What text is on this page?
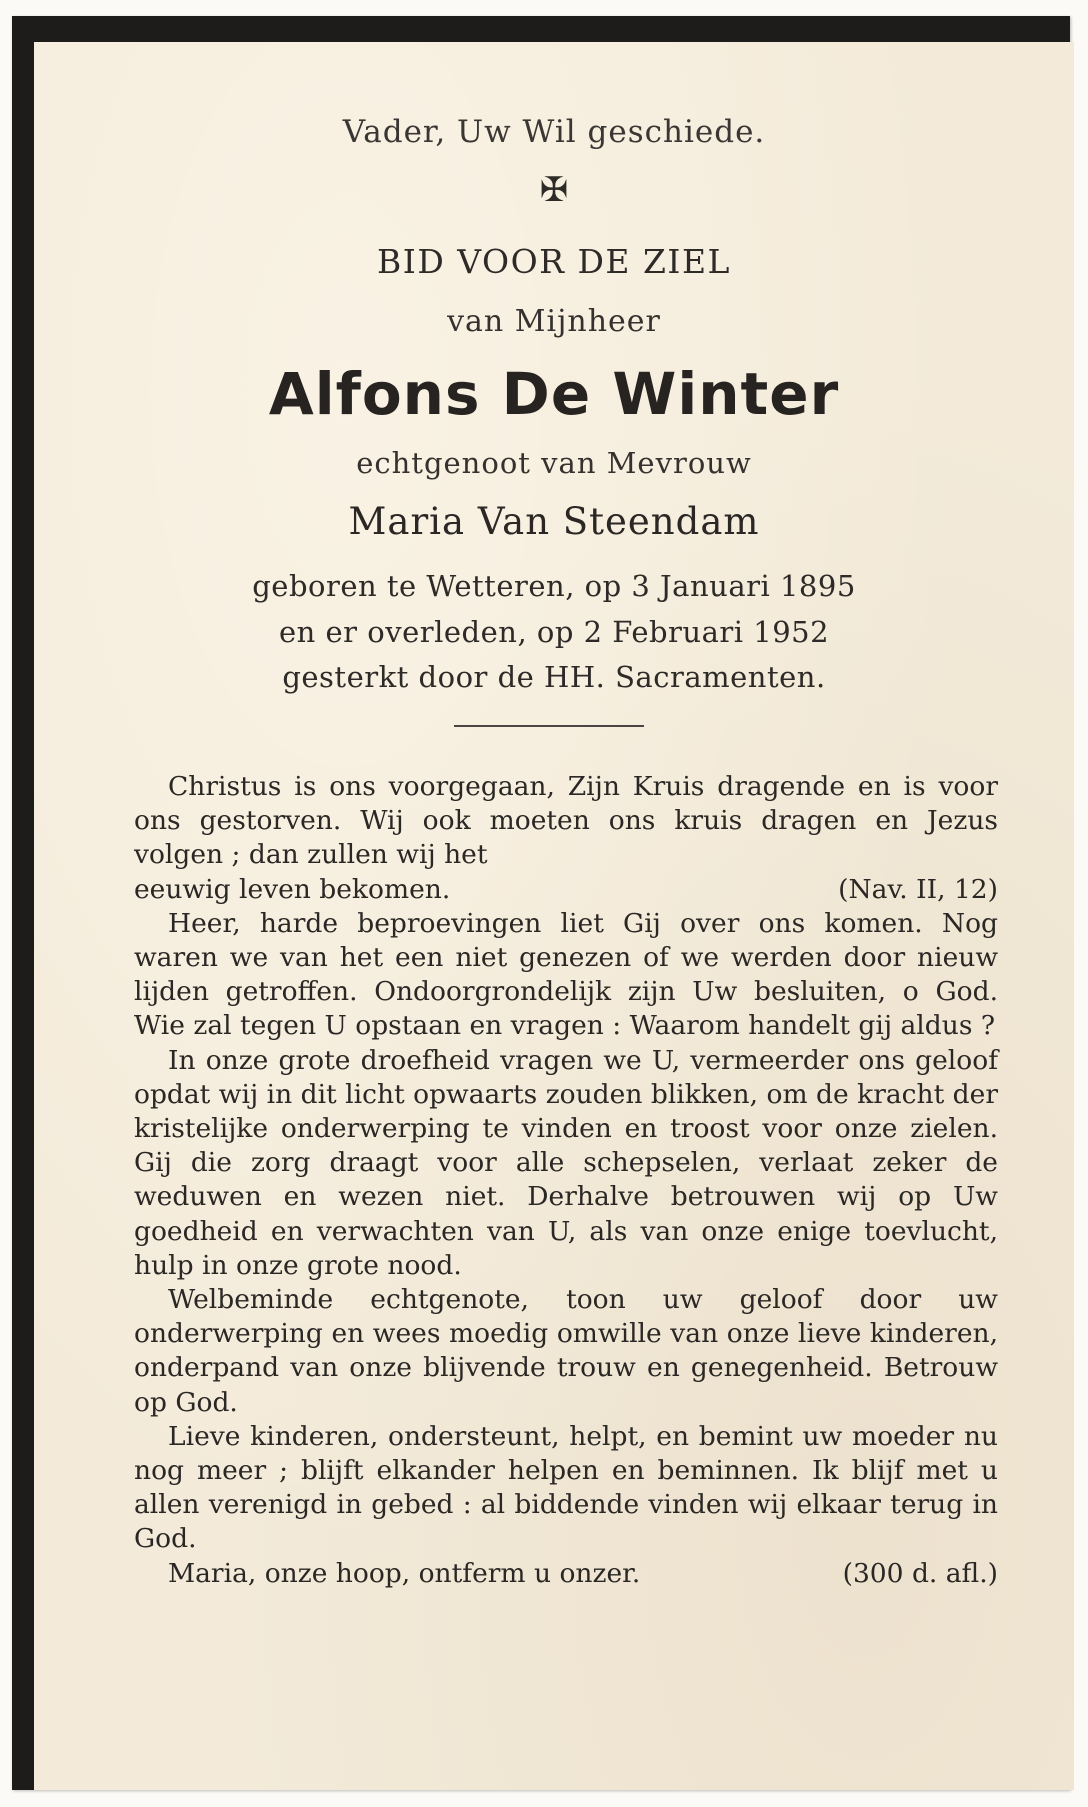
Vader, Uw Wil geschiede.
✠
BID VOOR DE ZIEL
van Mijnheer
Alfons De Winter
echtgenoot van Mevrouw
Maria Van Steendam
geboren te Wetteren, op 3 Januari 1895
en er overleden, op 2 Februari 1952
gesterkt door de HH. Sacramenten.
Christus is ons voorgegaan, Zijn Kruis dragende en is voor ons gestorven. Wij ook moeten ons kruis dragen en Jezus volgen ; dan zullen wij het
eeuwig leven bekomen.	(Nav. II, 12)

Heer, harde beproevingen liet Gij over ons komen. Nog waren we van het een niet genezen of we werden door nieuw lijden getroffen. Ondoorgrondelijk zijn Uw besluiten, o God. Wie zal tegen U opstaan en vragen : Waarom handelt gij aldus ?

In onze grote droefheid vragen we U, vermeerder ons geloof opdat wij in dit licht opwaarts zouden blikken, om de kracht der kristelijke onderwerping te vinden en troost voor onze zielen. Gij die zorg draagt voor alle schepselen, verlaat zeker de weduwen en wezen niet. Derhalve betrouwen wij op Uw goedheid en verwachten van U, als van onze enige toevlucht, hulp in onze grote nood.

Welbeminde echtgenote, toon uw geloof door uw onderwerping en wees moedig omwille van onze lieve kinderen, onderpand van onze blijvende trouw en genegenheid. Betrouw op God.

Lieve kinderen, ondersteunt, helpt, en bemint uw moeder nu nog meer ; blijft elkander helpen en beminnen. Ik blijf met u allen verenigd in gebed : al biddende vinden wij elkaar terug in God.

Maria, onze hoop, ontferm u onzer.	(300 d. afl.)
